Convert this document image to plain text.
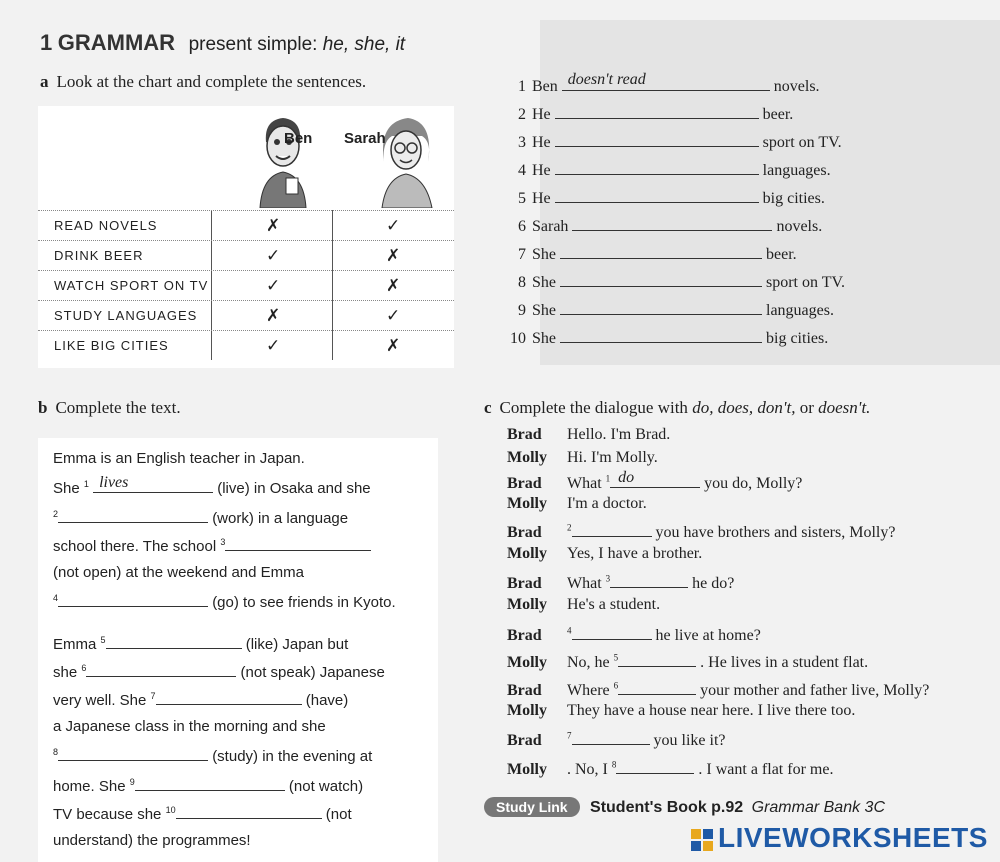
1 GRAMMAR present simple: he, she, it
a Look at the chart and complete the sentences.
Ben Sarah
READ NOVELS	✗	✓
DRINK BEER	✓	✗
WATCH SPORT ON TV	✓	✗
STUDY LANGUAGES	✗	✓
LIKE BIG CITIES	✓	✗
1 Ben doesn't read	novels.
2 He	beer.
3 He	sport on TV.
4 He	languages.
5 He	big cities.
6 Sarah	novels.
7 She	beer.
8 She	sport on TV.
9 She	languages.
10 She	big cities.
b Complete the text.
Emma is an English teacher in Japan.
She $^1$ lives	(live) in Osaka and she
$^2$	(work) in a language
school there. The school $^3$
(not open) at the weekend and Emma
$^4$	(go) to see friends in Kyoto.
Emma $^5$	(like) Japan but
she $^6$	(not speak) Japanese
very well. She $^7$	(have)
a Japanese class in the morning and she
$^8$	(study) in the evening at
home. She $^9$	(not watch)
TV because she $^{10}$	(not
understand) the programmes!
c Complete the dialogue with do, does, don't, or doesn't.
Brad Hello. I'm Brad.
Molly Hi. I'm Molly.
Brad What $^1$ do	you do, Molly?
Molly I'm a doctor.
Brad	$^2$	you have brothers and sisters, Molly?
Molly Yes, I have a brother.
Brad What $^3$	he do?
Molly He's a student.
Brad	$^4$	he live at home?
Molly No, he $^5$	. He lives in a student flat.
Brad Where $^6$	your mother and father live, Molly?
Molly They have a house near here. I live there too.
Brad	$^7$	you like it?
Molly . No, I $^8$	. I want a flat for me.
Study Link Student's Book p.92 Grammar Bank 3C
LIVEWORKSHEETS
